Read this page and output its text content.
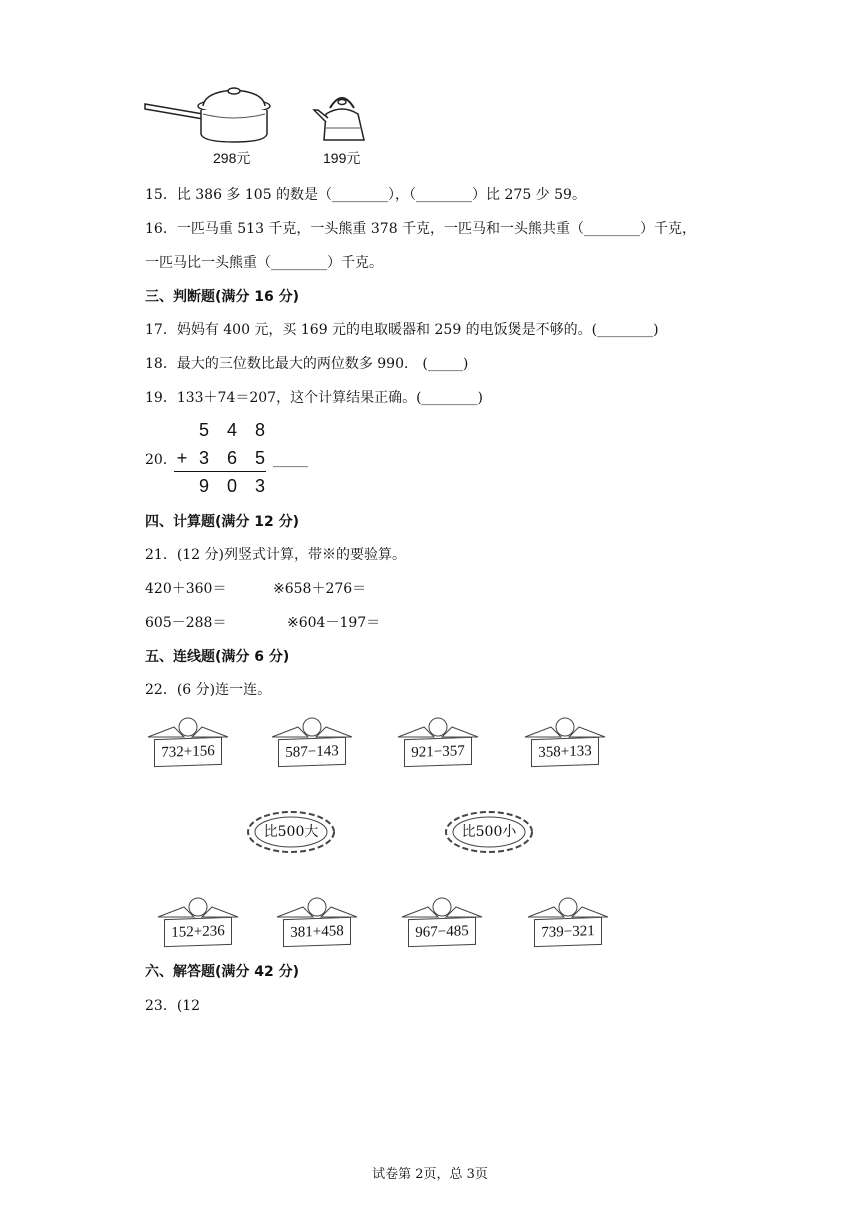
298元	199元
15．比 386 多 105 的数是（________），（________）比 275 少 59。
16．一匹马重 513 千克，一头熊重 378 千克，一匹马和一头熊共重（________）千克，
一匹马比一头熊重（________）千克。
三、判断题(满分 16 分)
17．妈妈有 400 元，买 169 元的电取暖器和 259 的电饭煲是不够的。(________)
18．最大的三位数比最大的两位数多 990． (_____)
19．133＋74＝207，这个计算结果正确。(________)
20．
5 4 8
+ 3 6 5
9 0 3
_____
四、计算题(满分 12 分)
21．(12 分)列竖式计算，带※的要验算。
420＋360＝	※658＋276＝
605－288＝	※604－197＝
五、连线题(满分 6 分)
22．(6 分)连一连。
732+156	587−143	921−357	358+133
比500大	比500小
152+236	381+458	967−485	739−321
六、解答题(满分 42 分)
23．(12
试卷第 2页，总 3页
